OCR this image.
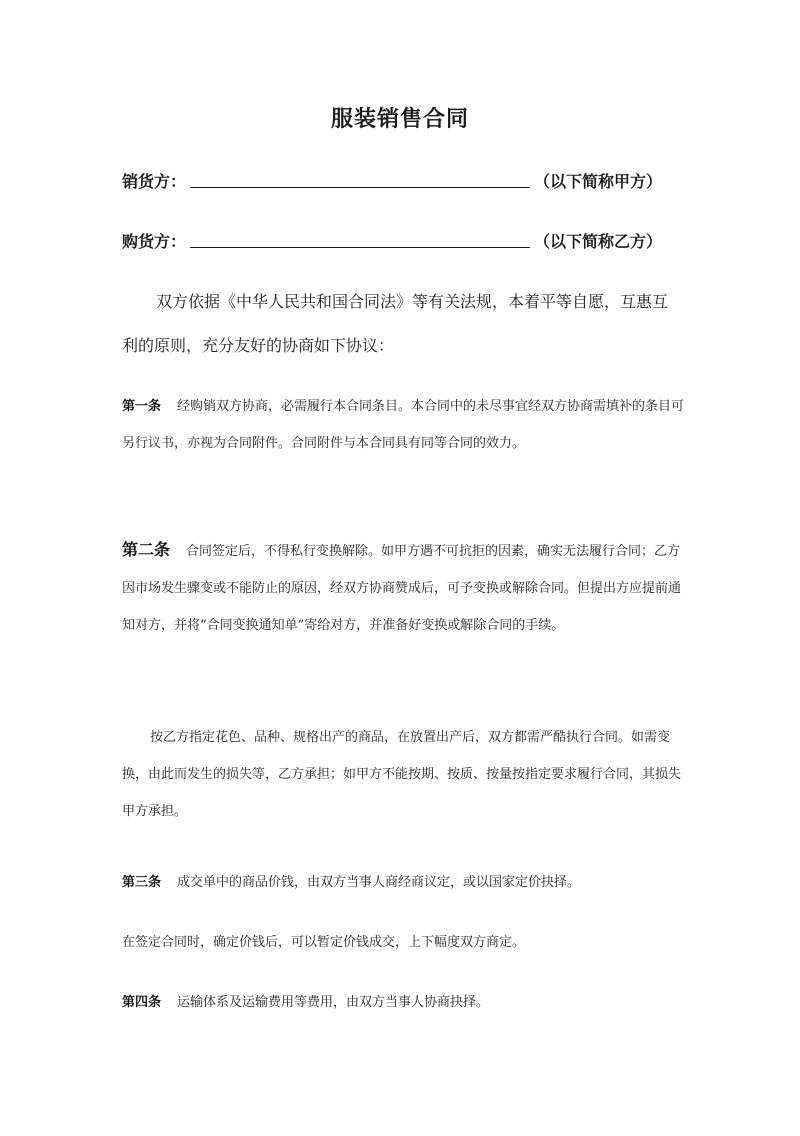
服装销售合同
销货方：	（以下简称甲方）
购货方：	（以下简称乙方）

双方依据《中华人民共和国合同法》等有关法规，本着平等自愿，互惠互利的原则，充分友好的协商如下协议：

第一条 经购销双方协商，必需履行本合同条目。本合同中的未尽事宜经双方协商需填补的条目可另行议书，亦视为合同附件。合同附件与本合同具有同等合同的效力。

第二条 合同签定后，不得私行变换解除。如甲方遇不可抗拒的因素，确实无法履行合同；乙方因市场发生骤变或不能防止的原因，经双方协商赞成后，可予变换或解除合同。但提出方应提前通知对方，并将“合同变换通知单”寄给对方，并准备好变换或解除合同的手续。

按乙方指定花色、品种、规格出产的商品，在放置出产后，双方都需严酷执行合同。如需变换，由此而发生的损失等，乙方承担；如甲方不能按期、按质、按量按指定要求履行合同，其损失甲方承担。

第三条 成交单中的商品价钱，由双方当事人商经商议定，或以国家定价抉择。

在签定合同时，确定价钱后，可以暂定价钱成交，上下幅度双方商定。

第四条 运输体系及运输费用等费用，由双方当事人协商抉择。
